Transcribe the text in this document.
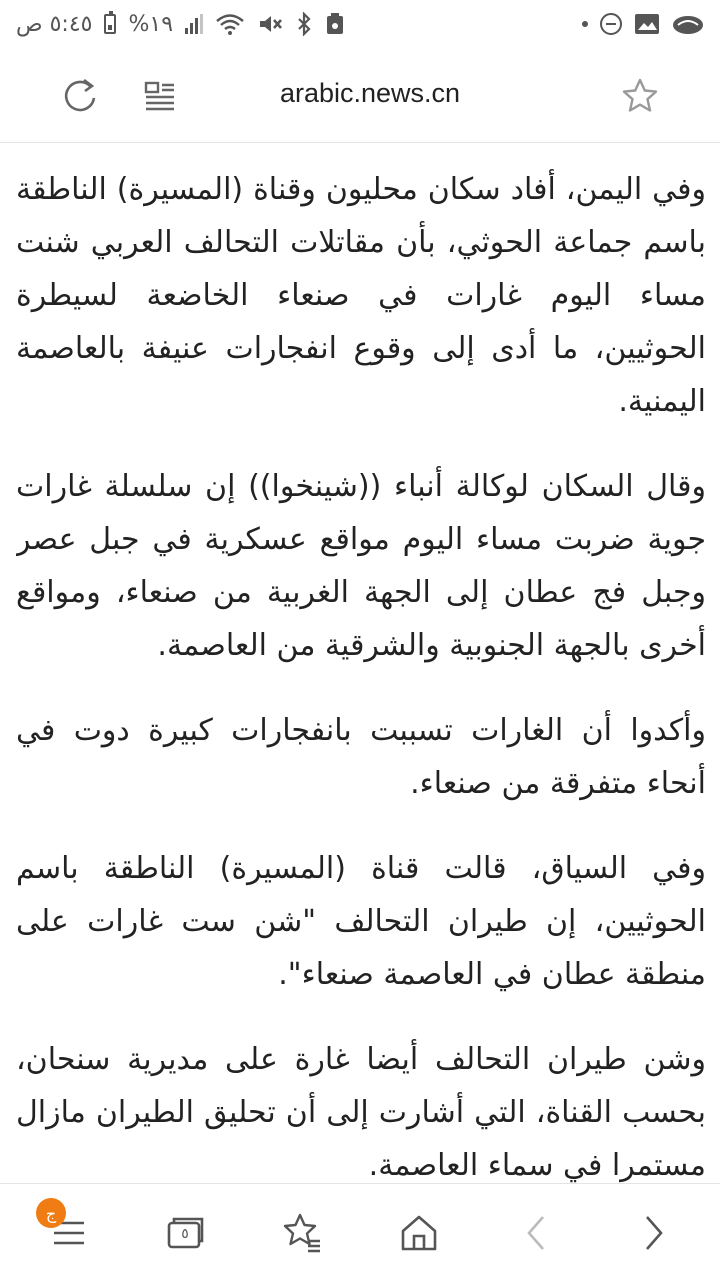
٥:٤٥ ص %١٩
arabic.news.cn

وفي اليمن، أفاد سكان محليون وقناة (المسيرة) الناطقة باسم جماعة الحوثي، بأن مقاتلات التحالف العربي شنت مساء اليوم غارات في صنعاء الخاضعة لسيطرة الحوثيين، ما أدى إلى وقوع انفجارات عنيفة بالعاصمة اليمنية.

وقال السكان لوكالة أنباء ((شينخوا)) إن سلسلة غارات جوية ضربت مساء اليوم مواقع عسكرية في جبل عصر وجبل فج عطان إلى الجهة الغربية من صنعاء، ومواقع أخرى بالجهة الجنوبية والشرقية من العاصمة.

وأكدوا أن الغارات تسببت بانفجارات كبيرة دوت في أنحاء متفرقة من صنعاء.

وفي السياق، قالت قناة (المسيرة) الناطقة باسم الحوثيين، إن طيران التحالف "شن ست غارات على منطقة عطان في العاصمة صنعاء".

وشن طيران التحالف أيضا غارة على مديرية سنحان، بحسب القناة، التي أشارت إلى أن تحليق الطيران مازال مستمرا في سماء العاصمة.

ج
٥
